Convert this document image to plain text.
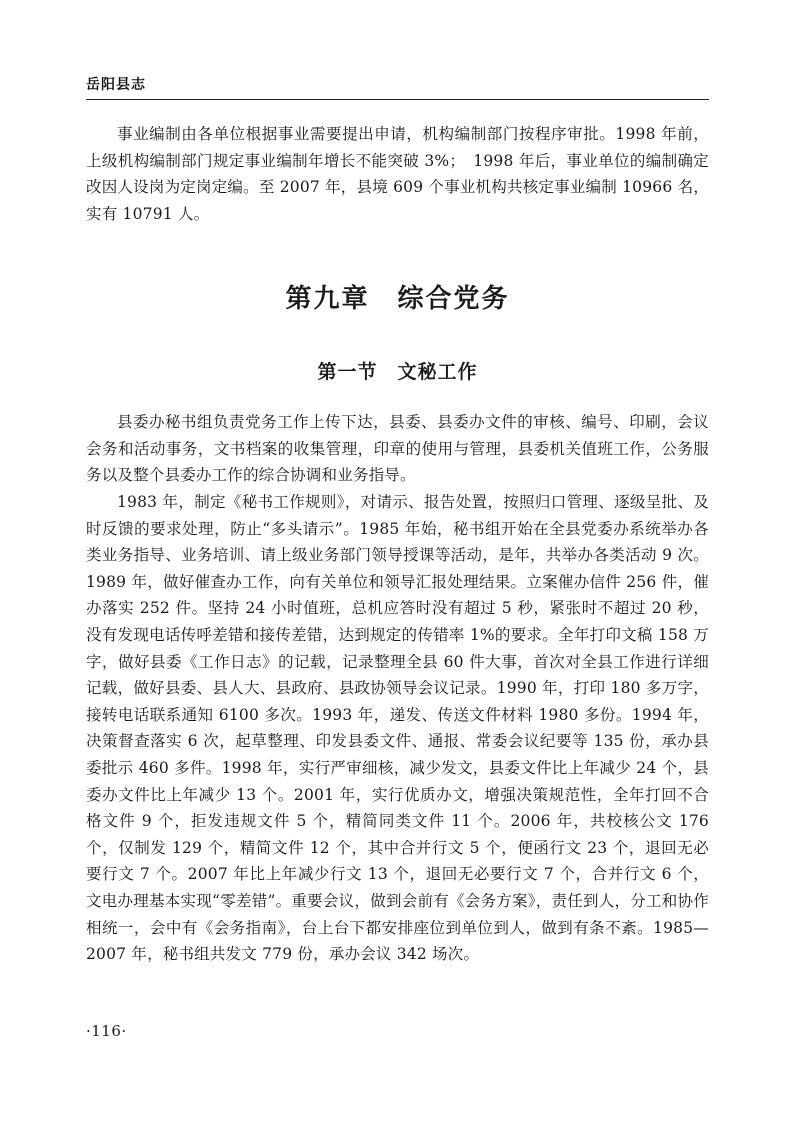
岳阳县志

事业编制由各单位根据事业需要提出申请，机构编制部门按程序审批。1998 年前，上级机构编制部门规定事业编制年增长不能突破 3%；　1998 年后，事业单位的编制确定改因人设岗为定岗定编。至 2007 年，县境 609 个事业机构共核定事业编制 10966 名，实有 10791 人。

第九章　综合党务
第一节　文秘工作

县委办秘书组负责党务工作上传下达，县委、县委办文件的审核、编号、印刷，会议会务和活动事务，文书档案的收集管理，印章的使用与管理，县委机关值班工作，公务服务以及整个县委办工作的综合协调和业务指导。

1983 年，制定《秘书工作规则》，对请示、报告处置，按照归口管理、逐级呈批、及时反馈的要求处理，防止“多头请示”。1985 年始，秘书组开始在全县党委办系统举办各类业务指导、业务培训、请上级业务部门领导授课等活动，是年，共举办各类活动 9 次。1989 年，做好催查办工作，向有关单位和领导汇报处理结果。立案催办信件 256 件，催办落实 252 件。坚持 24 小时值班，总机应答时没有超过 5 秒，紧张时不超过 20 秒，没有发现电话传呼差错和接传差错，达到规定的传错率 1%的要求。全年打印文稿 158 万字，做好县委《工作日志》的记载，记录整理全县 60 件大事，首次对全县工作进行详细记载，做好县委、县人大、县政府、县政协领导会议记录。1990 年，打印 180 多万字，接转电话联系通知 6100 多次。1993 年，递发、传送文件材料 1980 多份。1994 年，决策督查落实 6 次，起草整理、印发县委文件、通报、常委会议纪要等 135 份，承办县委批示 460 多件。1998 年，实行严审细核，减少发文，县委文件比上年减少 24 个，县委办文件比上年减少 13 个。2001 年，实行优质办文，增强决策规范性，全年打回不合格文件 9 个，拒发违规文件 5 个，精简同类文件 11 个。2006 年，共校核公文 176 个，仅制发 129 个，精简文件 12 个，其中合并行文 5 个，便函行文 23 个，退回无必要行文 7 个。2007 年比上年减少行文 13 个，退回无必要行文 7 个，合并行文 6 个，文电办理基本实现“零差错”。重要会议，做到会前有《会务方案》，责任到人，分工和协作相统一，会中有《会务指南》，台上台下都安排座位到单位到人，做到有条不紊。1985—2007 年，秘书组共发文 779 份，承办会议 342 场次。

·116·
